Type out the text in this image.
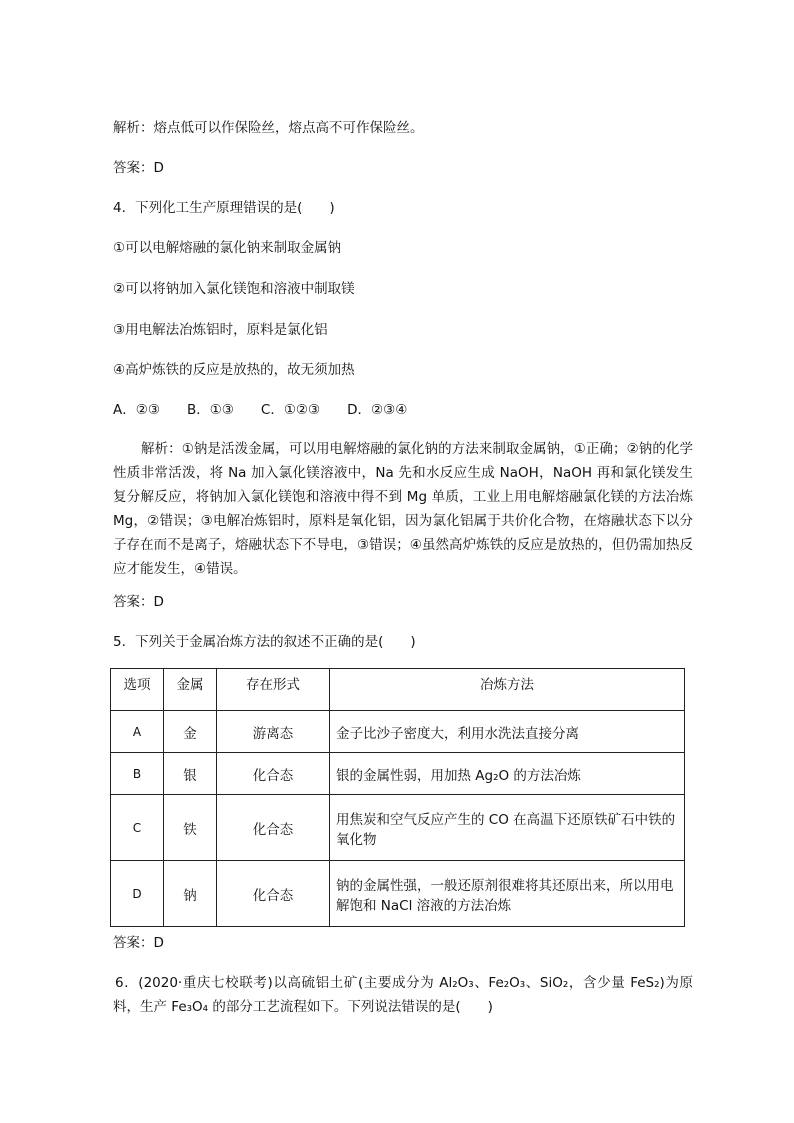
解析：熔点低可以作保险丝，熔点高不可作保险丝。
答案：D
4．下列化工生产原理错误的是(　　)
①可以电解熔融的氯化钠来制取金属钠
②可以将钠加入氯化镁饱和溶液中制取镁
③用电解法冶炼铝时，原料是氯化铝
④高炉炼铁的反应是放热的，故无须加热
A．②③　　B．①③　　C．①②③　　D．②③④
解析：①钠是活泼金属，可以用电解熔融的氯化钠的方法来制取金属钠，①正确；②钠的化学性质非常活泼，将 Na 加入氯化镁溶液中，Na 先和水反应生成 NaOH，NaOH 再和氯化镁发生复分解反应，将钠加入氯化镁饱和溶液中得不到 Mg 单质，工业上用电解熔融氯化镁的方法冶炼 Mg，②错误；③电解冶炼铝时，原料是氧化铝，因为氯化铝属于共价化合物，在熔融状态下以分子存在而不是离子，熔融状态下不导电，③错误；④虽然高炉炼铁的反应是放热的，但仍需加热反应才能发生，④错误。
答案：D
5．下列关于金属冶炼方法的叙述不正确的是(　　)
选项	金属	存在形式	冶炼方法
A	金	游离态	金子比沙子密度大，利用水洗法直接分离
B	银	化合态	银的金属性弱，用加热 Ag₂O 的方法冶炼
C	铁	化合态	用焦炭和空气反应产生的 CO 在高温下还原铁矿石中铁的氧化物
D	钠	化合态	钠的金属性强，一般还原剂很难将其还原出来，所以用电解饱和 NaCl 溶液的方法冶炼
答案：D
6．(2020·重庆七校联考)以高硫铝土矿(主要成分为 Al₂O₃、Fe₂O₃、SiO₂，含少量 FeS₂)为原料，生产 Fe₃O₄ 的部分工艺流程如下。下列说法错误的是(　　)
